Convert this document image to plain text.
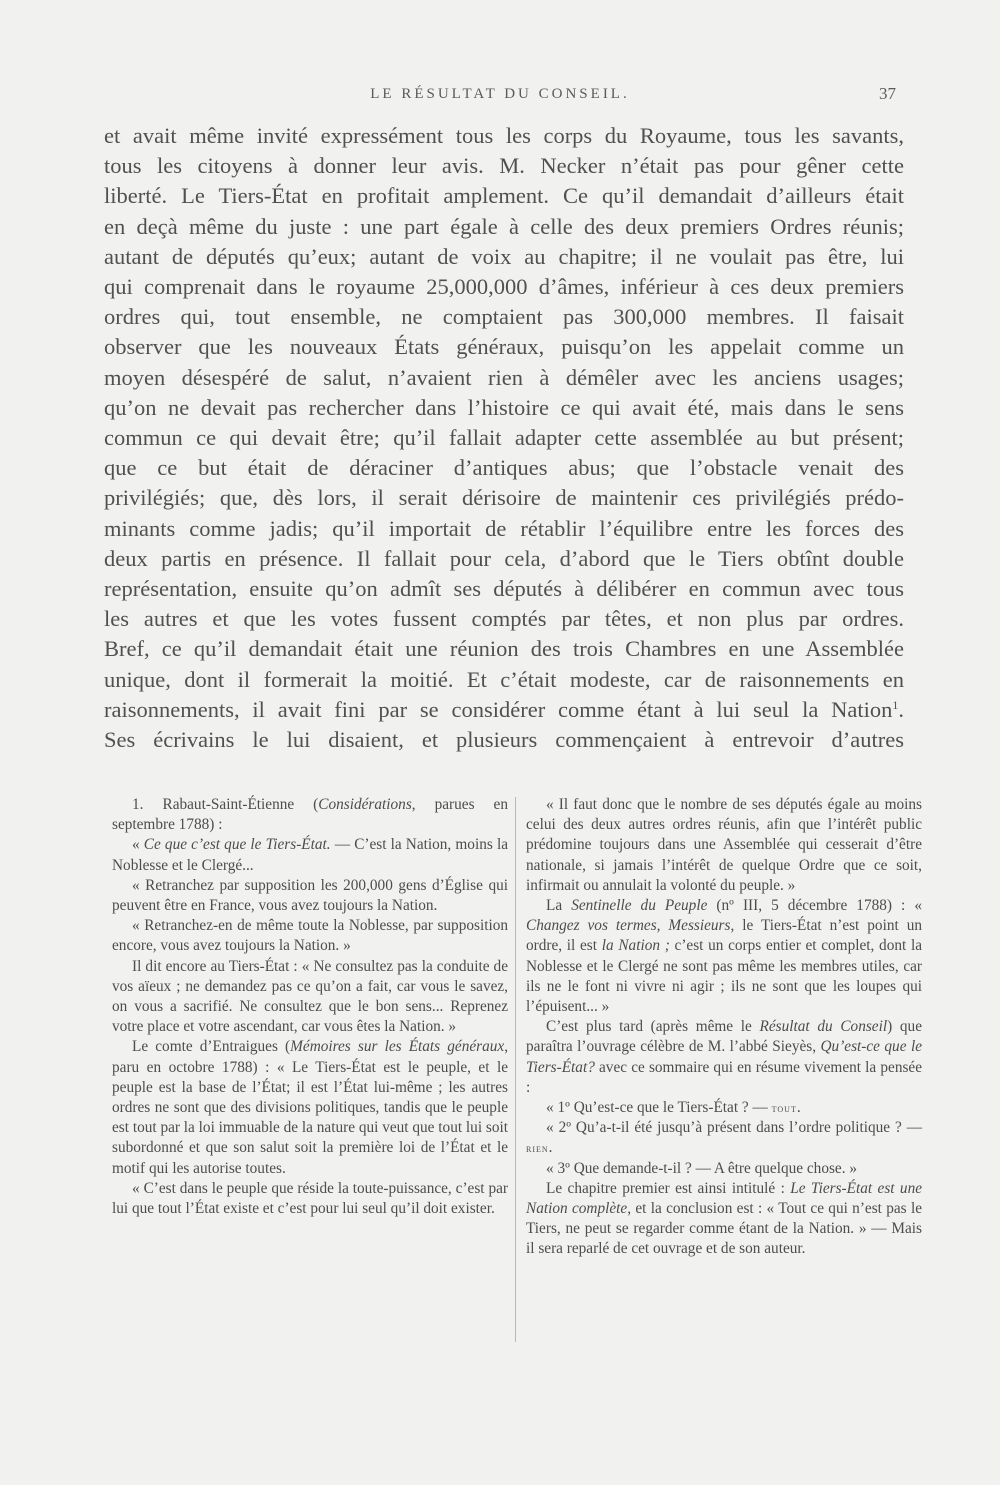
LE RÉSULTAT DU CONSEIL.	37
et avait même invité expressément tous les corps du Royaume, tous les savants,
tous les citoyens à donner leur avis. M. Necker n’était pas pour gêner cette
liberté. Le Tiers-État en profitait amplement. Ce qu’il demandait d’ailleurs était
en deçà même du juste : une part égale à celle des deux premiers Ordres réunis;
autant de députés qu’eux; autant de voix au chapitre; il ne voulait pas être, lui
qui comprenait dans le royaume 25,000,000 d’âmes, inférieur à ces deux premiers
ordres qui, tout ensemble, ne comptaient pas 300,000 membres. Il faisait
observer que les nouveaux États généraux, puisqu’on les appelait comme un
moyen désespéré de salut, n’avaient rien à démêler avec les anciens usages;
qu’on ne devait pas rechercher dans l’histoire ce qui avait été, mais dans le sens
commun ce qui devait être; qu’il fallait adapter cette assemblée au but présent;
que ce but était de déraciner d’antiques abus; que l’obstacle venait des
privilégiés; que, dès lors, il serait dérisoire de maintenir ces privilégiés prédo-
minants comme jadis; qu’il importait de rétablir l’équilibre entre les forces des
deux partis en présence. Il fallait pour cela, d’abord que le Tiers obtînt double
représentation, ensuite qu’on admît ses députés à délibérer en commun avec tous
les autres et que les votes fussent comptés par têtes, et non plus par ordres.
Bref, ce qu’il demandait était une réunion des trois Chambres en une Assemblée
unique, dont il formerait la moitié. Et c’était modeste, car de raisonnements en
raisonnements, il avait fini par se considérer comme étant à lui seul la Nation$^1$.
Ses écrivains le lui disaient, et plusieurs commençaient à entrevoir d’autres

1. Rabaut-Saint-Étienne (Considérations, parues en septembre 1788) :

« Ce que c’est que le Tiers-État. — C’est la Nation, moins la Noblesse et le Clergé...

« Retranchez par supposition les 200,000 gens d’Église qui peuvent être en France, vous avez toujours la Nation.

« Retranchez-en de même toute la Noblesse, par supposition encore, vous avez toujours la Nation. »

Il dit encore au Tiers-État : « Ne consultez pas la conduite de vos aïeux ; ne demandez pas ce qu’on a fait, car vous le savez, on vous a sacrifié. Ne consultez que le bon sens... Reprenez votre place et votre ascendant, car vous êtes la Nation. »

Le comte d’Entraigues (Mémoires sur les États généraux, paru en octobre 1788) : « Le Tiers-État est le peuple, et le peuple est la base de l’État; il est l’État lui-même ; les autres ordres ne sont que des divisions politiques, tandis que le peuple est tout par la loi immuable de la nature qui veut que tout lui soit subordonné et que son salut soit la première loi de l’État et le motif qui les autorise toutes.

« C’est dans le peuple que réside la toute-puissance, c’est par lui que tout l’État existe et c’est pour lui seul qu’il doit exister.

« Il faut donc que le nombre de ses députés égale au moins celui des deux autres ordres réunis, afin que l’intérêt public prédomine toujours dans une Assemblée qui cesserait d’être nationale, si jamais l’intérêt de quelque Ordre que ce soit, infirmait ou annulait la volonté du peuple. »

La Sentinelle du Peuple (nº III, 5 décembre 1788) : « Changez vos termes, Messieurs, le Tiers-État n’est point un ordre, il est la Nation ; c’est un corps entier et complet, dont la Noblesse et le Clergé ne sont pas même les membres utiles, car ils ne le font ni vivre ni agir ; ils ne sont que les loupes qui l’épuisent... »

C’est plus tard (après même le Résultat du Conseil) que paraîtra l’ouvrage célèbre de M. l’abbé Sieyès, Qu’est-ce que le Tiers-État? avec ce sommaire qui en résume vivement la pensée :

« 1º Qu’est-ce que le Tiers-État ? — tout.

« 2º Qu’a-t-il été jusqu’à présent dans l’ordre politique ? — rien.

« 3º Que demande-t-il ? — A être quelque chose. »

Le chapitre premier est ainsi intitulé : Le Tiers-État est une Nation complète, et la conclusion est : « Tout ce qui n’est pas le Tiers, ne peut se regarder comme étant de la Nation. » — Mais il sera reparlé de cet ouvrage et de son auteur.
